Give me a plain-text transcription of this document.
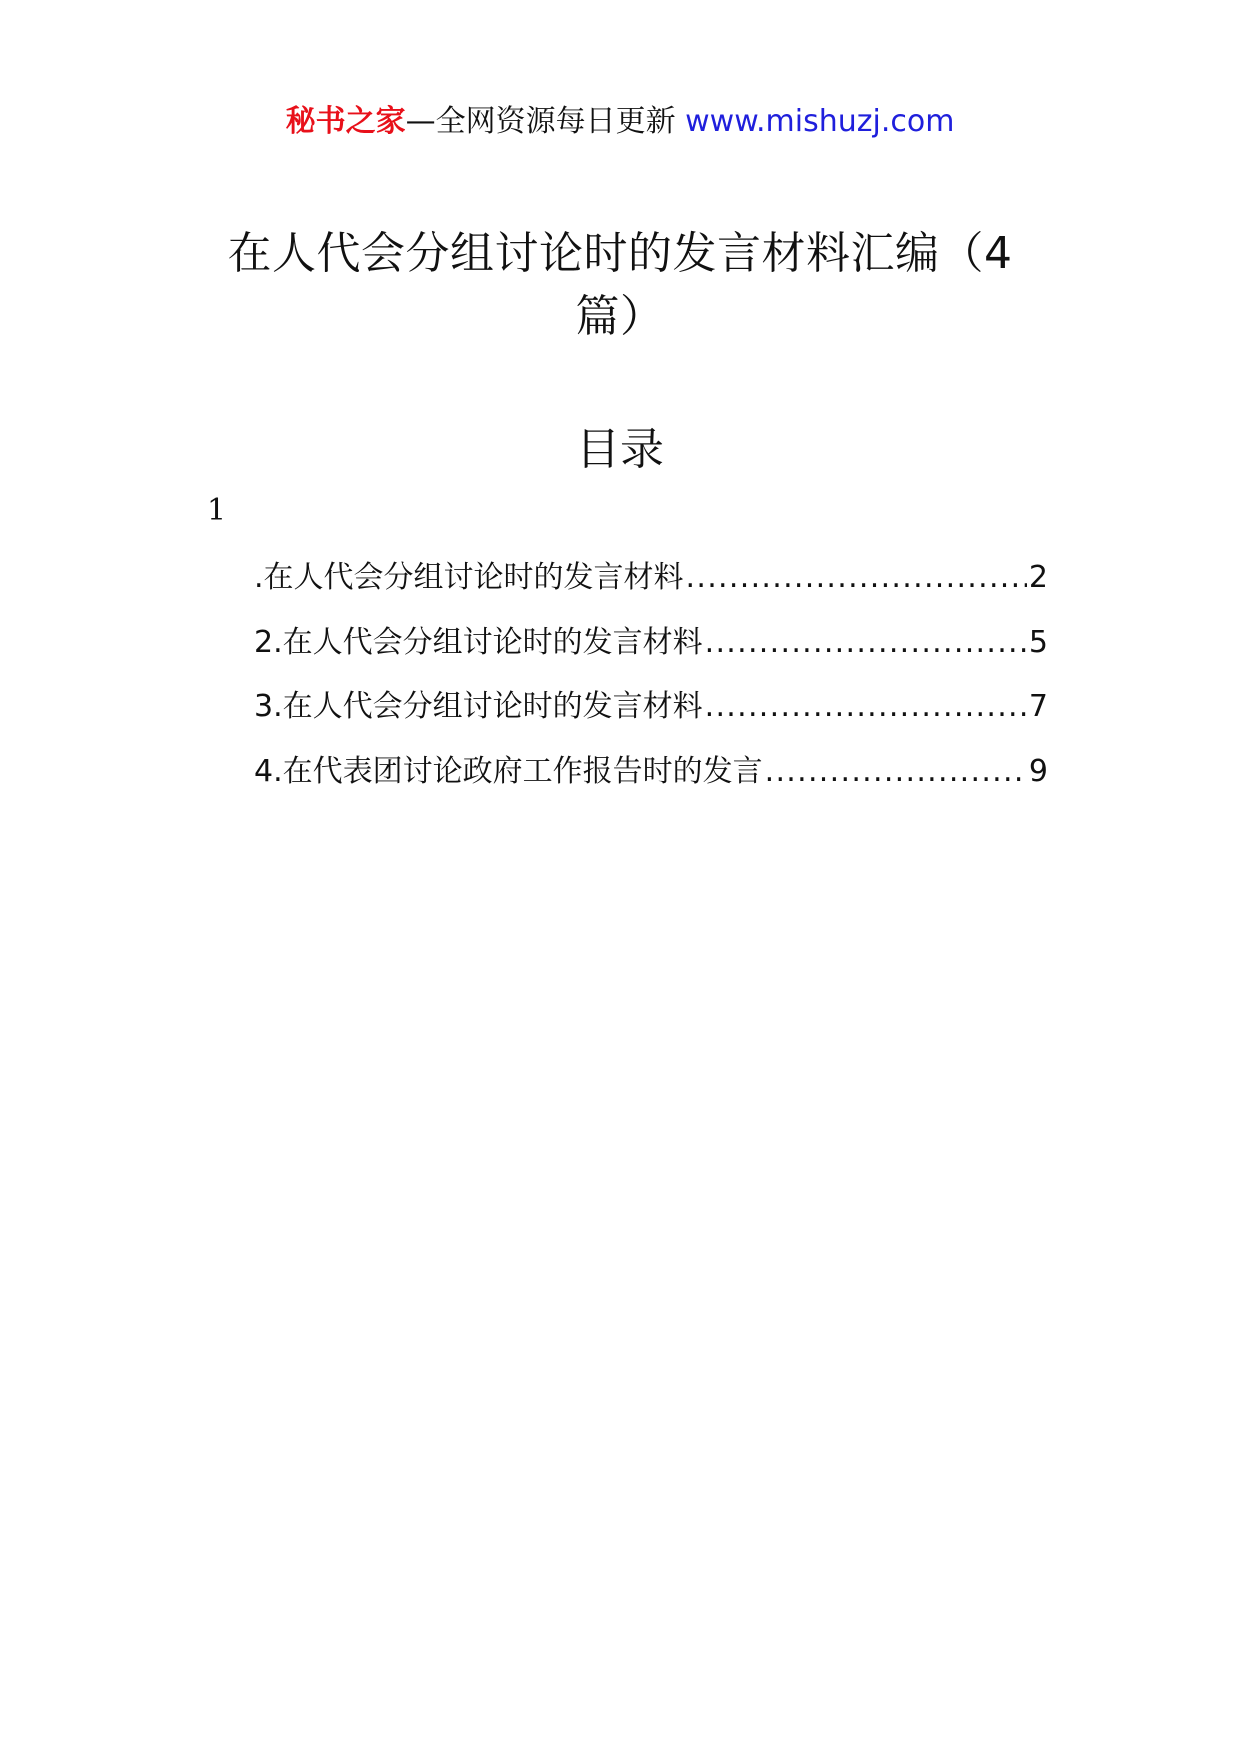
秘书之家—全网资源每日更新 www.mishuzj.com
在人代会分组讨论时的发言材料汇编（4篇）
目录
1
.在人代会分组讨论时的发言材料 .....	2
2.在人代会分组讨论时的发言材料 .....	5
3.在人代会分组讨论时的发言材料 .....	7
4.在代表团讨论政府工作报告时的发言 .....	9
